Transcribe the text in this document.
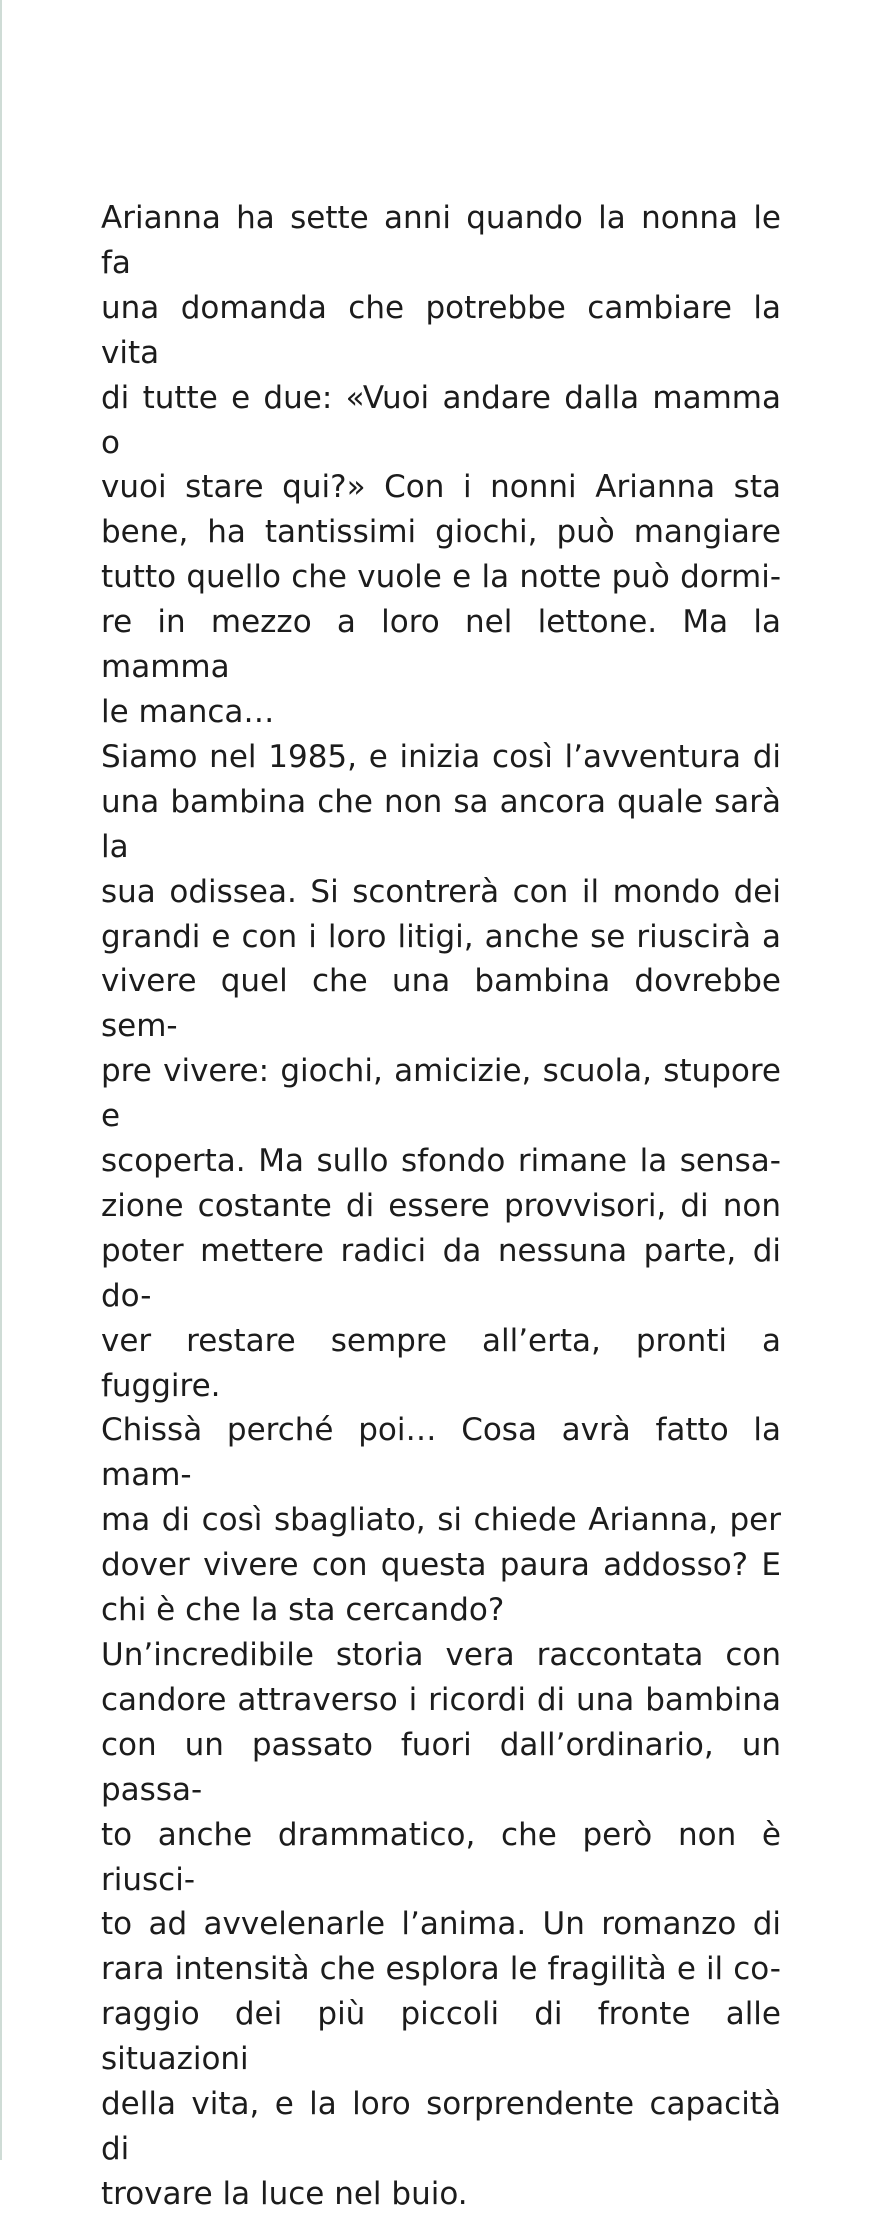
Arianna ha sette anni quando la nonna le fa
una domanda che potrebbe cambiare la vita
di tutte e due: «Vuoi andare dalla mamma o
vuoi stare qui?» Con i nonni Arianna sta
bene, ha tantissimi giochi, può mangiare
tutto quello che vuole e la notte può dormi-
re in mezzo a loro nel lettone. Ma la mamma
le manca…
Siamo nel 1985, e inizia così l’avventura di
una bambina che non sa ancora quale sarà la
sua odissea. Si scontrerà con il mondo dei
grandi e con i loro litigi, anche se riuscirà a
vivere quel che una bambina dovrebbe sem-
pre vivere: giochi, amicizie, scuola, stupore e
scoperta. Ma sullo sfondo rimane la sensa-
zione costante di essere provvisori, di non
poter mettere radici da nessuna parte, di do-
ver restare sempre all’erta, pronti a fuggire.
Chissà perché poi… Cosa avrà fatto la mam-
ma di così sbagliato, si chiede Arianna, per
dover vivere con questa paura addosso? E
chi è che la sta cercando?
Un’incredibile storia vera raccontata con
candore attraverso i ricordi di una bambina
con un passato fuori dall’ordinario, un passa-
to anche drammatico, che però non è riusci-
to ad avvelenarle l’anima. Un romanzo di
rara intensità che esplora le fragilità e il co-
raggio dei più piccoli di fronte alle situazioni
della vita, e la loro sorprendente capacità di
trovare la luce nel buio.
